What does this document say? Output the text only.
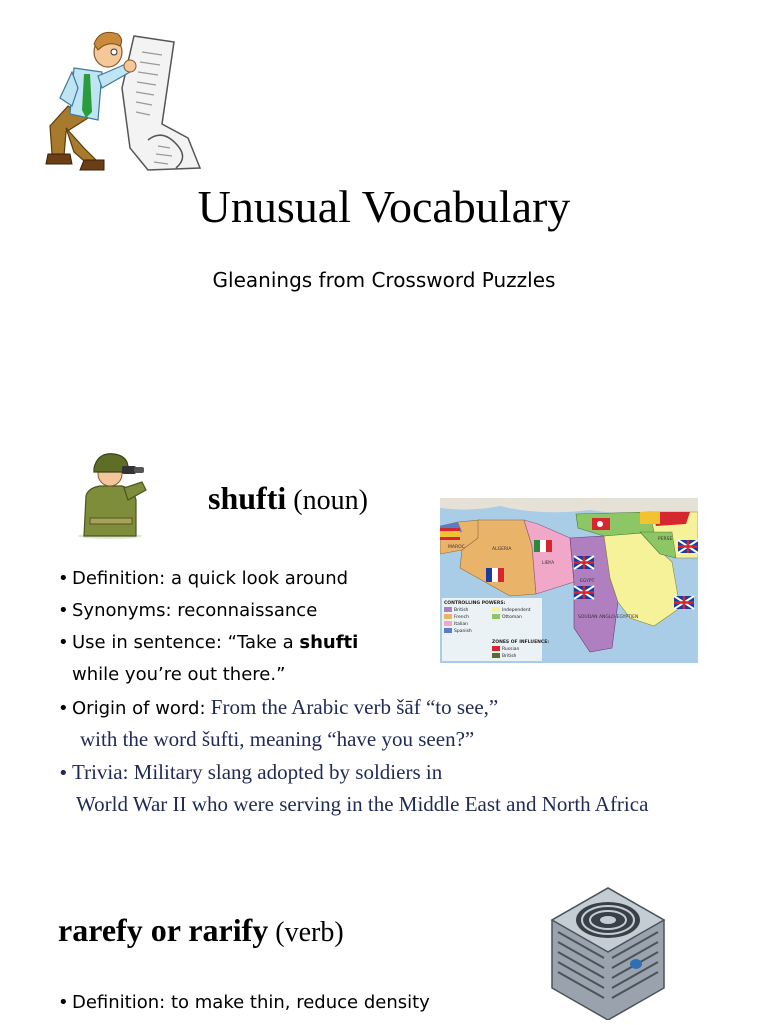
Unusual Vocabulary
Gleanings from Crossword Puzzles
shufti (noun)
MAROC	ALGERIA
LIBYA
EGYPT
SOUDAN ANGLO-EGYPTIEN
PERSE
CONTROLLING POWERS:
British
French
Italian
Spanish
Independent
Ottoman
ZONES OF INFLUENCE:
Russian
British
• Definition: a quick look around
• Synonyms: reconnaissance
• Use in sentence: “Take a shufti
while you’re out there.”
• Origin of word: From the Arabic verb šāf “to see,”
with the word šufti, meaning “have you seen?”
• Trivia: Military slang adopted by soldiers in
World War II who were serving in the Middle East and North Africa
rarefy or rarify (verb)
• Definition: to make thin, reduce density
